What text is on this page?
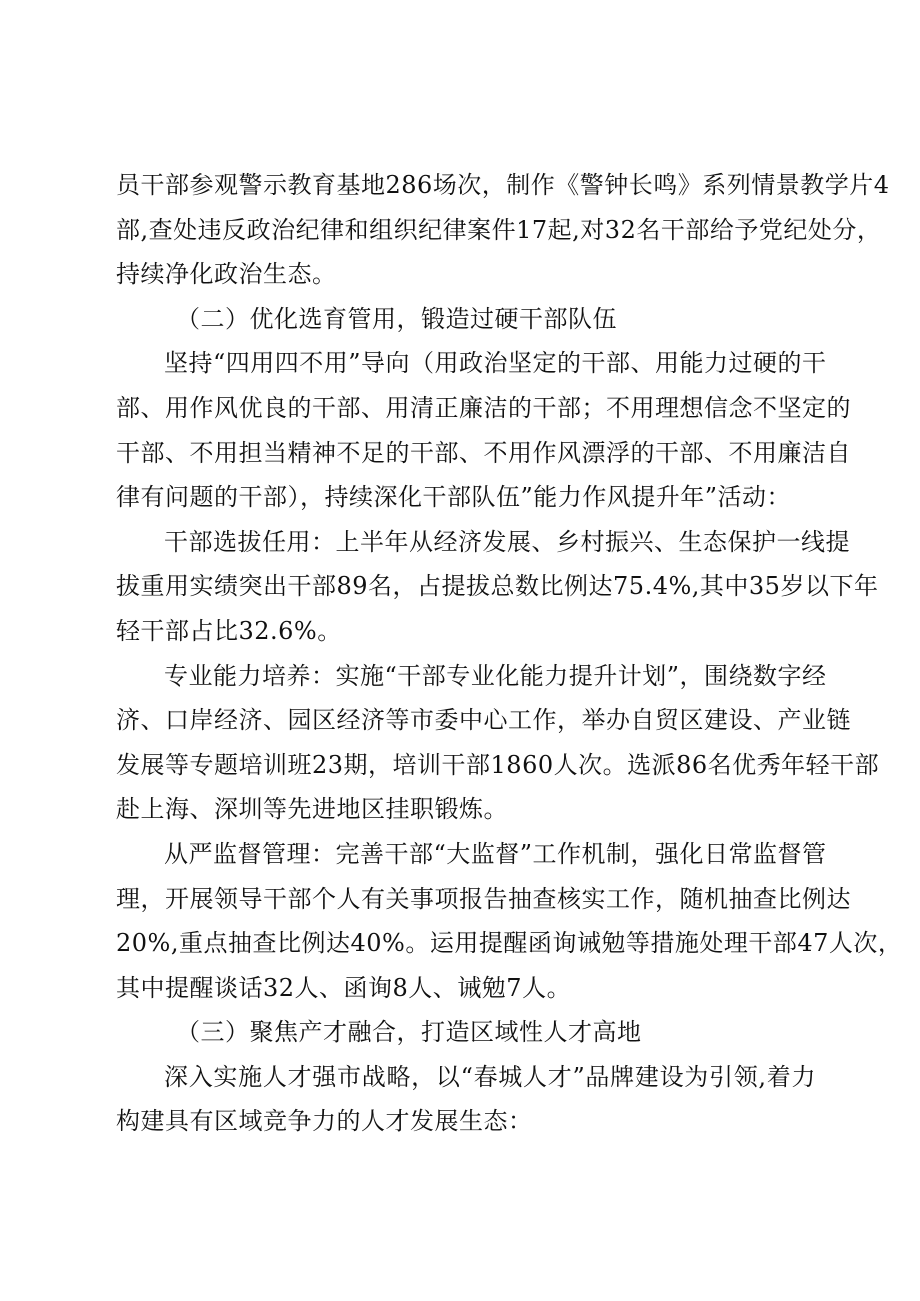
员干部参观警示教育基地286场次，制作《警钟长鸣》系列情景教学片4
部,查处违反政治纪律和组织纪律案件17起,对32名干部给予党纪处分，
持续净化政治生态。
（二）优化选育管用，锻造过硬干部队伍
坚持“四用四不用”导向（用政治坚定的干部、用能力过硬的干
部、用作风优良的干部、用清正廉洁的干部；不用理想信念不坚定的
干部、不用担当精神不足的干部、不用作风漂浮的干部、不用廉洁自
律有问题的干部），持续深化干部队伍”能力作风提升年”活动：
干部选拔任用：上半年从经济发展、乡村振兴、生态保护一线提
拔重用实绩突出干部89名，占提拔总数比例达75.4%,其中35岁以下年
轻干部占比32.6%。
专业能力培养：实施“干部专业化能力提升计划”，围绕数字经
济、口岸经济、园区经济等市委中心工作，举办自贸区建设、产业链
发展等专题培训班23期，培训干部1860人次。选派86名优秀年轻干部
赴上海、深圳等先进地区挂职锻炼。
从严监督管理：完善干部“大监督”工作机制，强化日常监督管
理，开展领导干部个人有关事项报告抽查核实工作，随机抽查比例达
20%,重点抽查比例达40%。运用提醒函询诫勉等措施处理干部47人次，
其中提醒谈话32人、函询8人、诫勉7人。
（三）聚焦产才融合，打造区域性人才高地
深入实施人才强市战略，以“春城人才”品牌建设为引领,着力
构建具有区域竞争力的人才发展生态：
